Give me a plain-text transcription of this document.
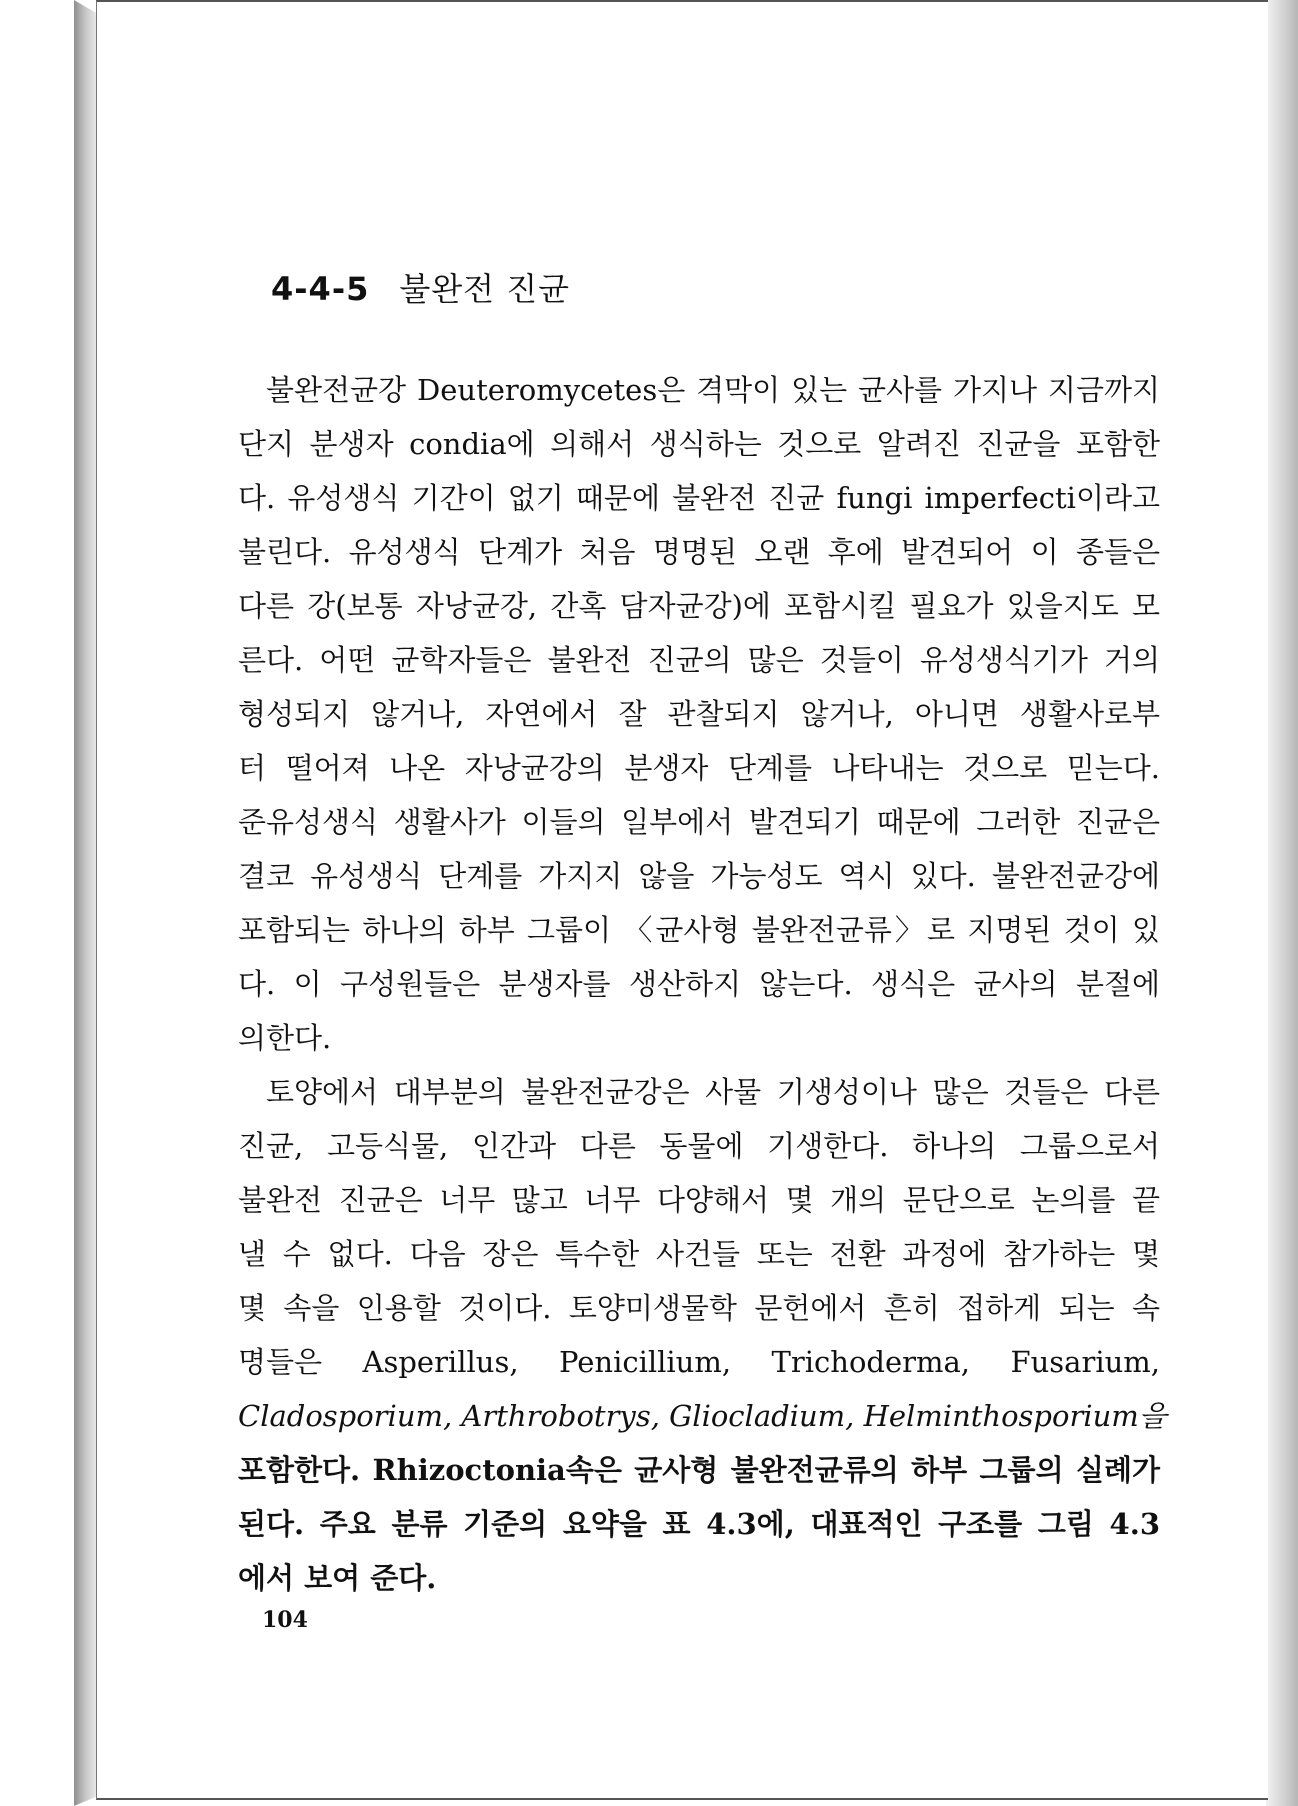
4-4-5 불완전 진균
불완전균강 Deuteromycetes은 격막이 있는 균사를 가지나 지금까지
단지 분생자 condia에 의해서 생식하는 것으로 알려진 진균을 포함한
다. 유성생식 기간이 없기 때문에 불완전 진균 fungi imperfecti이라고
불린다. 유성생식 단계가 처음 명명된 오랜 후에 발견되어 이 종들은
다른 강(보통 자낭균강, 간혹 담자균강)에 포함시킬 필요가 있을지도 모
른다. 어떤 균학자들은 불완전 진균의 많은 것들이 유성생식기가 거의
형성되지 않거나, 자연에서 잘 관찰되지 않거나, 아니면 생활사로부
터 떨어져 나온 자낭균강의 분생자 단계를 나타내는 것으로 믿는다.
준유성생식 생활사가 이들의 일부에서 발견되기 때문에 그러한 진균은
결코 유성생식 단계를 가지지 않을 가능성도 역시 있다. 불완전균강에
포함되는 하나의 하부 그룹이 〈균사형 불완전균류〉로 지명된 것이 있
다. 이 구성원들은 분생자를 생산하지 않는다. 생식은 균사의 분절에
의한다.
토양에서 대부분의 불완전균강은 사물 기생성이나 많은 것들은 다른
진균, 고등식물, 인간과 다른 동물에 기생한다. 하나의 그룹으로서
불완전 진균은 너무 많고 너무 다양해서 몇 개의 문단으로 논의를 끝
낼 수 없다. 다음 장은 특수한 사건들 또는 전환 과정에 참가하는 몇
몇 속을 인용할 것이다. 토양미생물학 문헌에서 흔히 접하게 되는 속
명들은 Asperillus, Penicillium, Trichoderma, Fusarium,
Cladosporium, Arthrobotrys, Gliocladium, Helminthosporium을
포함한다. Rhizoctonia속은 균사형 불완전균류의 하부 그룹의 실례가
된다. 주요 분류 기준의 요약을 표 4.3에, 대표적인 구조를 그림 4.3
에서 보여 준다.
104
